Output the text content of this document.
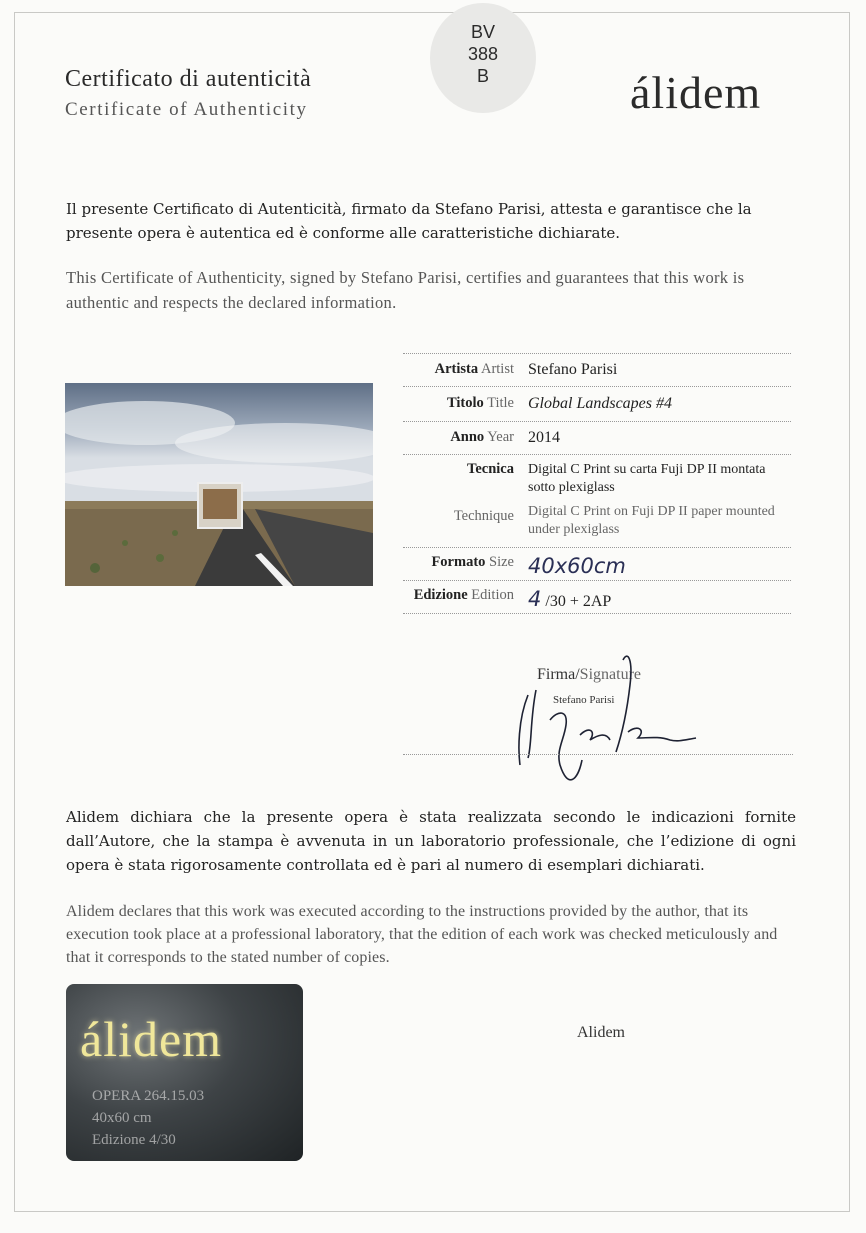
Certificato di autenticità
Certificate of Authenticity
BV
388
B	álidem
Il presente Certificato di Autenticità, firmato da Stefano Parisi, attesta e garantisce che la presente opera è autentica ed è conforme alle caratteristiche dichiarate.
This Certificate of Authenticity, signed by Stefano Parisi, certifies and guarantees that this work is authentic and respects the declared information.
Artista Artist Stefano Parisi
Titolo Title Global Landscapes #4
Anno Year 2014
Tecnica
Technique
Digital C Print su carta Fuji DP II montata sotto plexiglass
Digital C Print on Fuji DP II paper mounted under plexiglass
Formato Size 40x60cm
Edizione Edition 4 /30 + 2AP
Firma/Signature
Stefano Parisi
Alidem dichiara che la presente opera è stata realizzata secondo le indicazioni fornite dall’Autore, che la stampa è avvenuta in un laboratorio professionale, che l’edizione di ogni opera è stata rigorosamente controllata ed è pari al numero di esemplari dichiarati.
Alidem declares that this work was executed according to the instructions provided by the author, that its execution took place at a professional laboratory, that the edition of each work was checked meticulously and that it corresponds to the stated number of copies.
álidem
OPERA 264.15.03
40x60 cm
Edizione 4/30
Alidem
